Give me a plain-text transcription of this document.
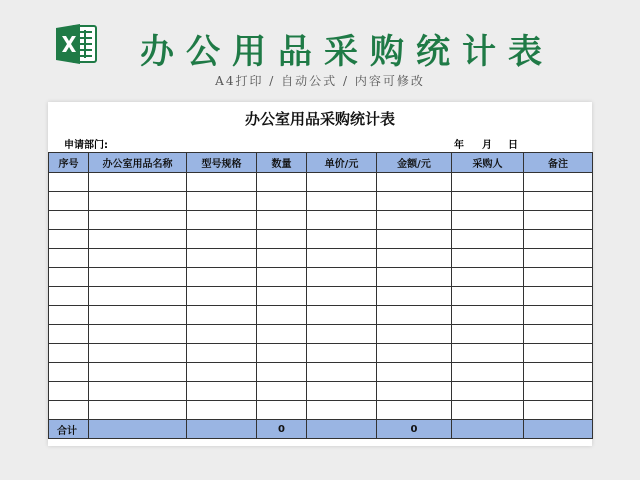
办公用品采购统计表
A4打印 / 自动公式 / 内容可修改
办公室用品采购统计表
申请部门:	年 月 日
序号	办公室用品名称	型号规格	数量	单价/元	金额/元	采购人	备注

合计			0		0		
